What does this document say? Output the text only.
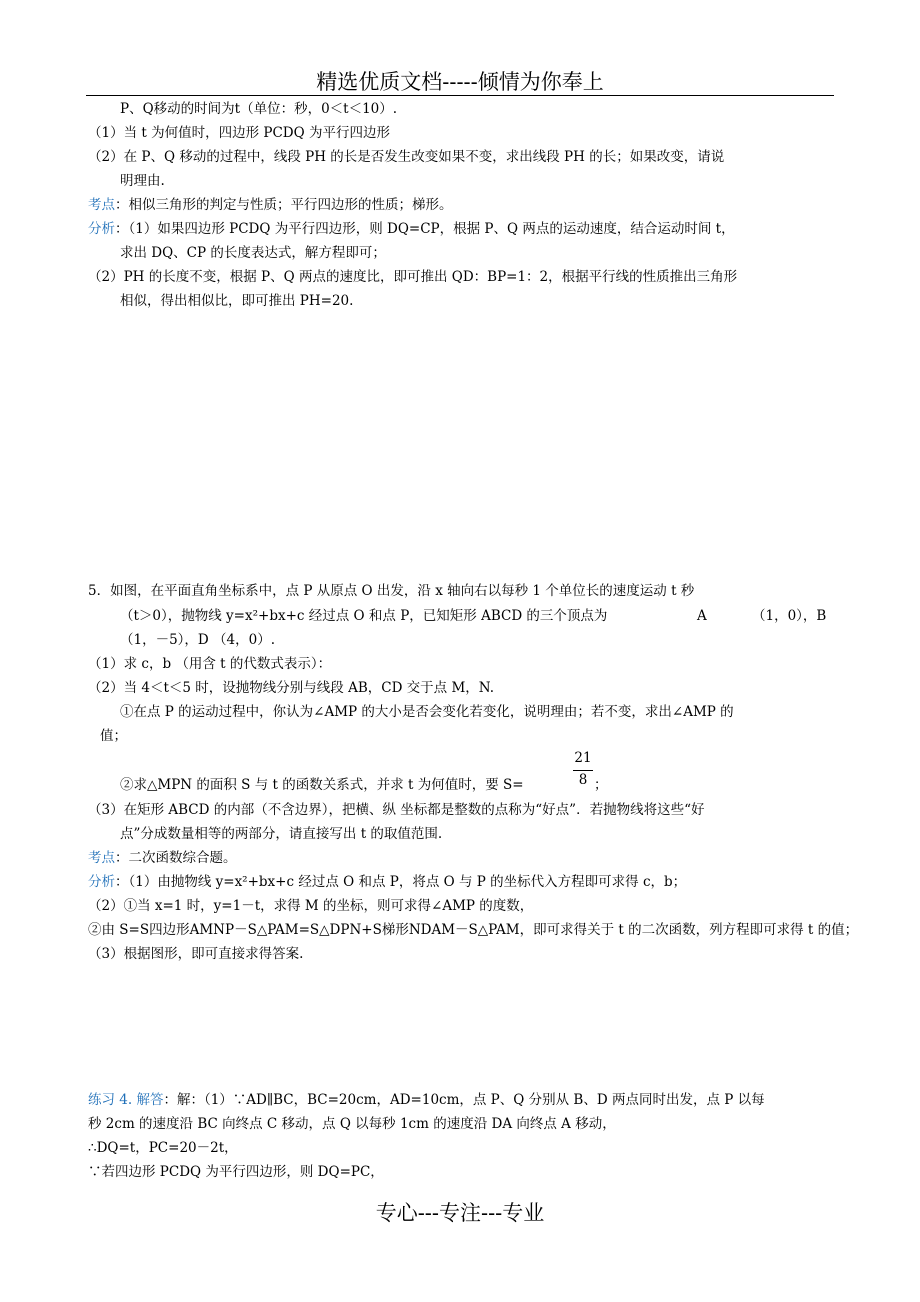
精选优质文档-----倾情为你奉上
P、Q移动的时间为t（单位：秒，0＜t＜10）.
（1）当 t 为何值时，四边形 PCDQ 为平行四边形
（2）在 P、Q 移动的过程中，线段 PH 的长是否发生改变如果不变，求出线段 PH 的长；如果改变，请说
明理由.
考点：相似三角形的判定与性质；平行四边形的性质；梯形。
分析：（1）如果四边形 PCDQ 为平行四边形，则 DQ=CP，根据 P、Q 两点的运动速度，结合运动时间 t，
求出 DQ、CP 的长度表达式，解方程即可；
（2）PH 的长度不变，根据 P、Q 两点的速度比，即可推出 QD：BP=1：2，根据平行线的性质推出三角形
相似，得出相似比，即可推出 PH=20.
5．如图，在平面直角坐标系中，点 P 从原点 O 出发，沿 x 轴向右以每秒 1 个单位长的速度运动 t 秒
（t＞0），抛物线 y=x²+bx+c 经过点 O 和点 P，已知矩形 ABCD 的三个顶点为	A	（1，0），B
（1，－5），D （4，0）.
（1）求 c，b （用含 t 的代数式表示）：
（2）当 4＜t＜5 时，设抛物线分别与线段 AB，CD 交于点 M，N.
①在点 P 的运动过程中，你认为∠AMP 的大小是否会变化若变化，说明理由；若不变，求出∠AMP 的
值；
21
8
②求△MPN 的面积 S 与 t 的函数关系式，并求 t 为何值时，要 S=	；
（3）在矩形 ABCD 的内部（不含边界），把横、纵 坐标都是整数的点称为“好点”．若抛物线将这些“好
点”分成数量相等的两部分，请直接写出 t 的取值范围.
考点：二次函数综合题。
分析：（1）由抛物线 y=x²+bx+c 经过点 O 和点 P，将点 O 与 P 的坐标代入方程即可求得 c，b；
（2）①当 x=1 时，y=1－t，求得 M 的坐标，则可求得∠AMP 的度数，
②由 S=S四边形AMNP－S△PAM=S△DPN+S梯形NDAM－S△PAM，即可求得关于 t 的二次函数，列方程即可求得 t 的值；
（3）根据图形，即可直接求得答案.
练习 4. 解答：解：（1）∵AD∥BC，BC=20cm，AD=10cm，点 P、Q 分别从 B、D 两点同时出发，点 P 以每
秒 2cm 的速度沿 BC 向终点 C 移动，点 Q 以每秒 1cm 的速度沿 DA 向终点 A 移动，
∴DQ=t，PC=20－2t，
∵若四边形 PCDQ 为平行四边形，则 DQ=PC，
专心---专注---专业
